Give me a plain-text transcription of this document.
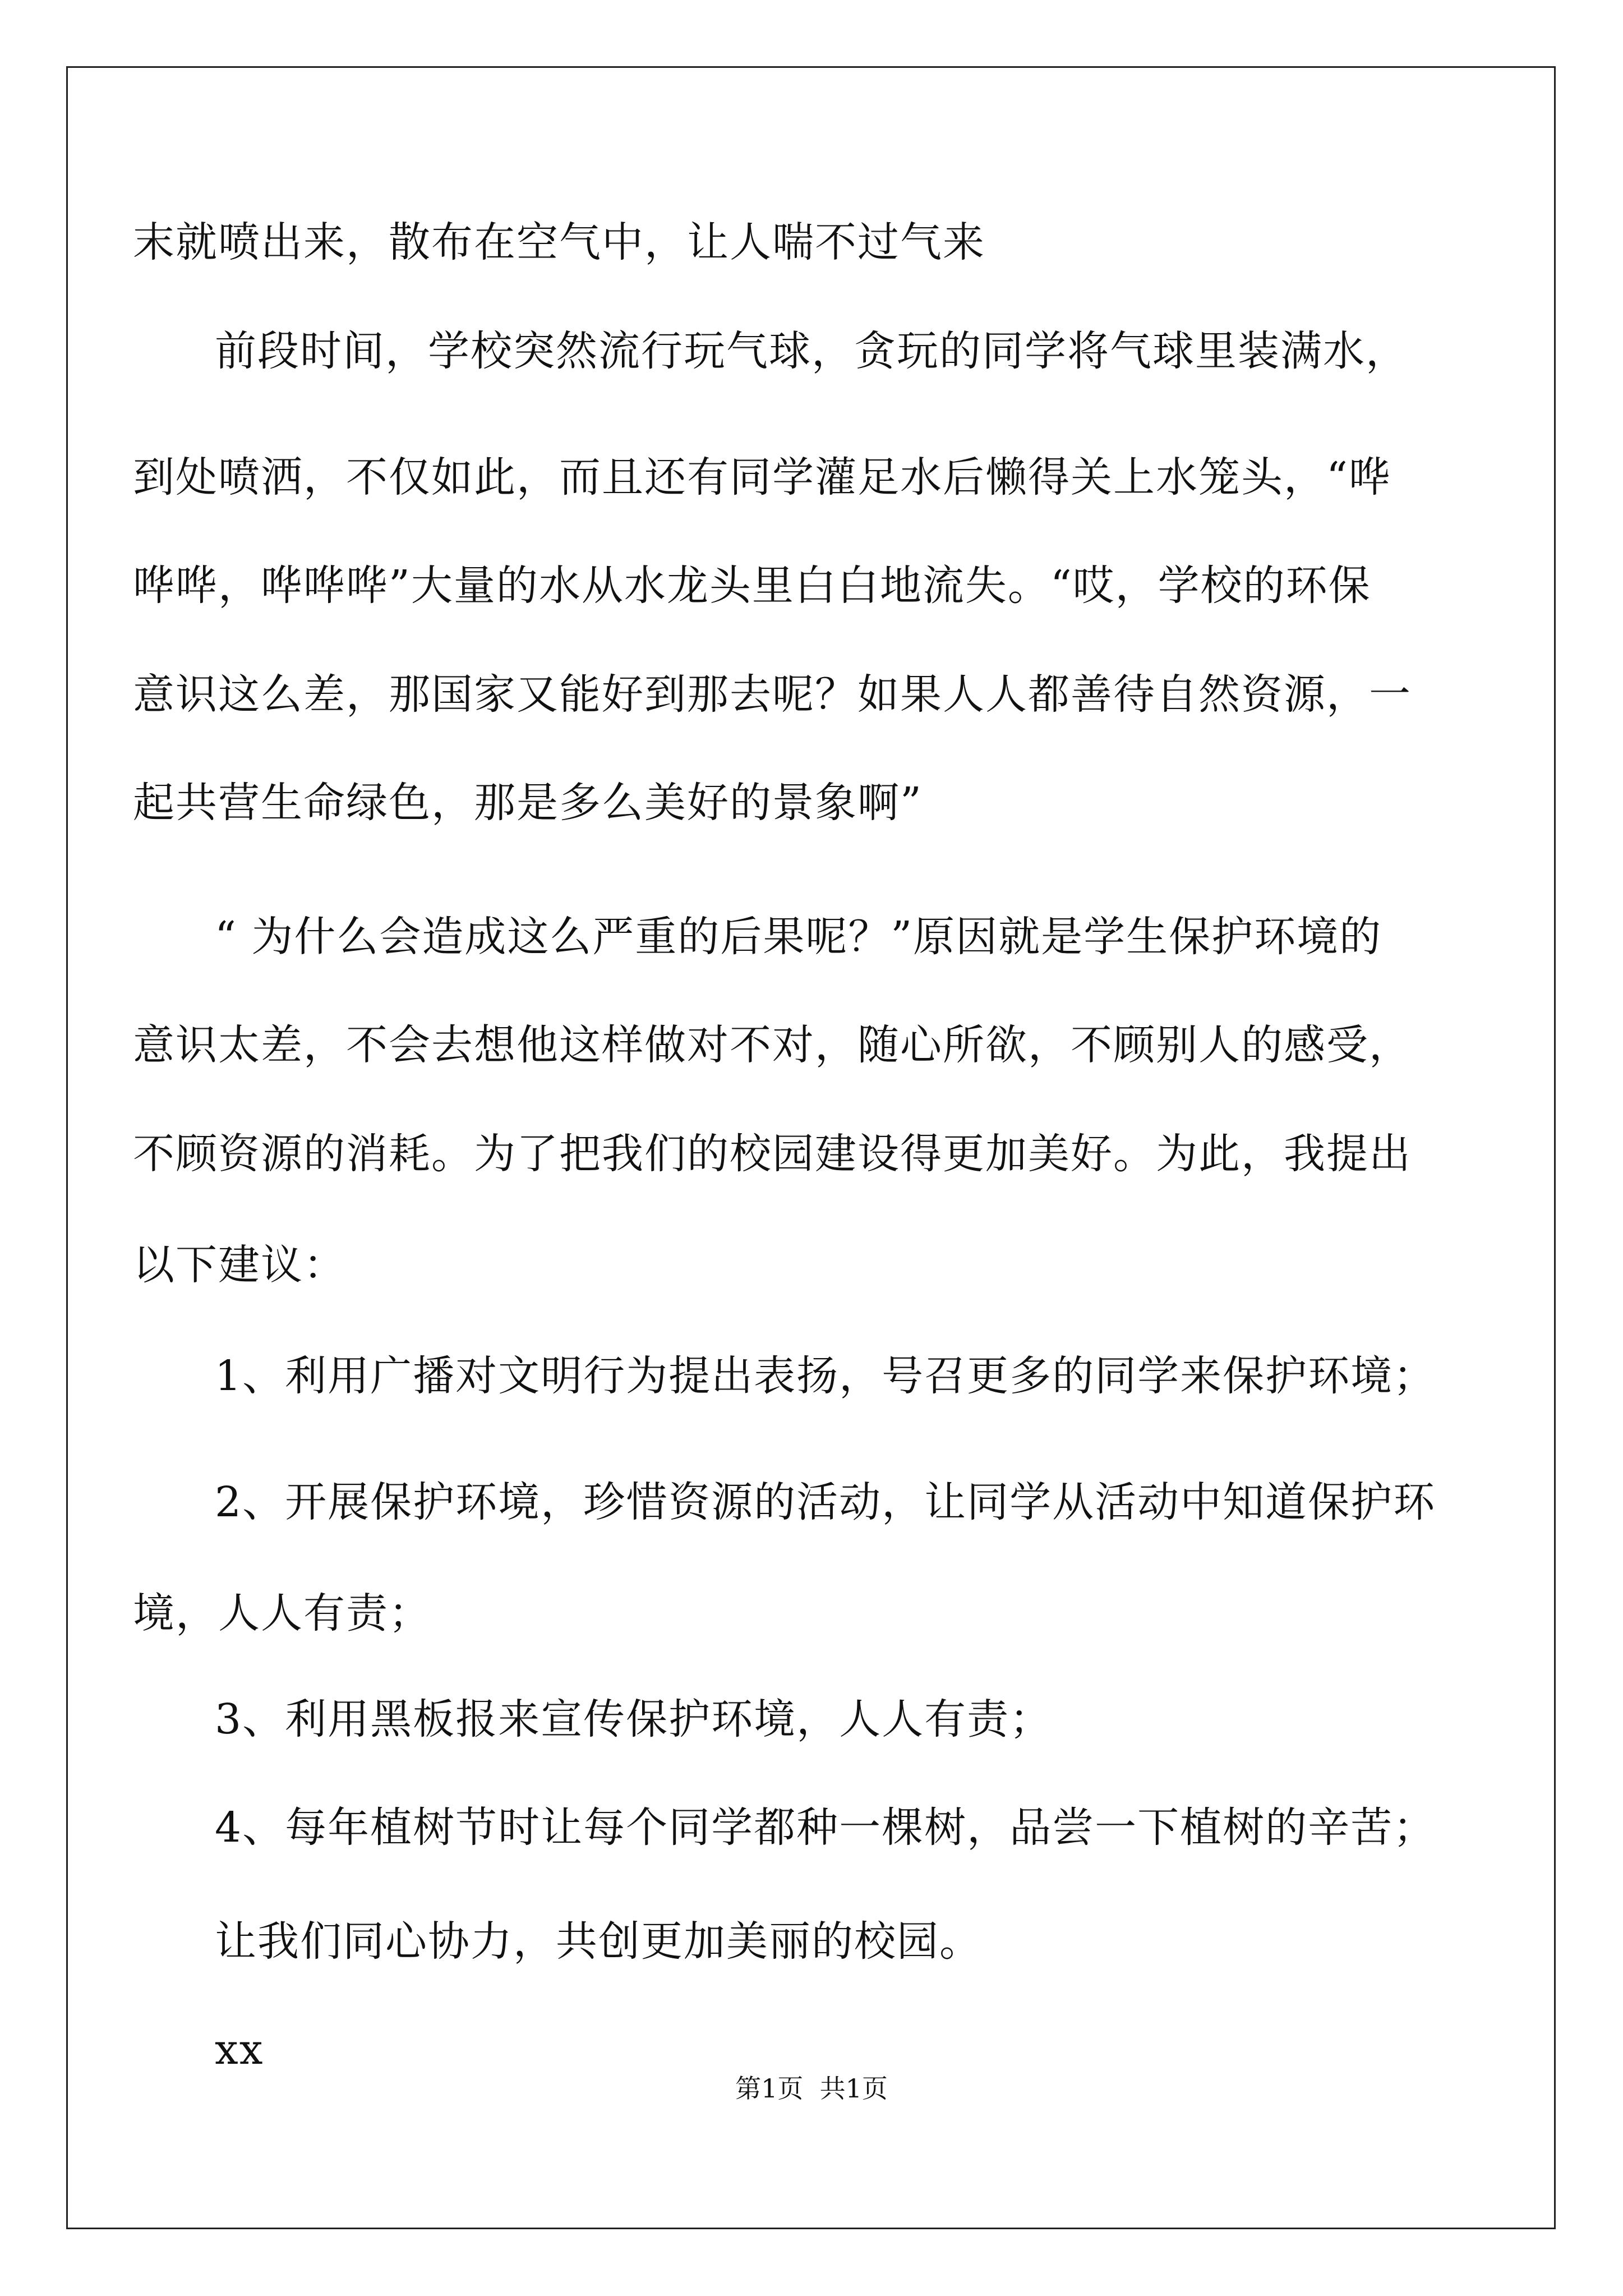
末就喷出来，散布在空气中，让人喘不过气来
前段时间，学校突然流行玩气球，贪玩的同学将气球里装满水，
到处喷洒，不仅如此，而且还有同学灌足水后懒得关上水笼头，“哗
哗哗，哗哗哗”大量的水从水龙头里白白地流失。“哎，学校的环保
意识这么差，那国家又能好到那去呢？如果人人都善待自然资源，一
起共营生命绿色，那是多么美好的景象啊”
“ 为什么会造成这么严重的后果呢？”原因就是学生保护环境的
意识太差，不会去想他这样做对不对，随心所欲，不顾别人的感受，
不顾资源的消耗。为了把我们的校园建设得更加美好。为此，我提出
以下建议：
1、利用广播对文明行为提出表扬，号召更多的同学来保护环境；
2、开展保护环境，珍惜资源的活动，让同学从活动中知道保护环
境，人人有责；
3、利用黑板报来宣传保护环境，人人有责；
4、每年植树节时让每个同学都种一棵树，品尝一下植树的辛苦；
让我们同心协力，共创更加美丽的校园。
xx
第1页  共1页
